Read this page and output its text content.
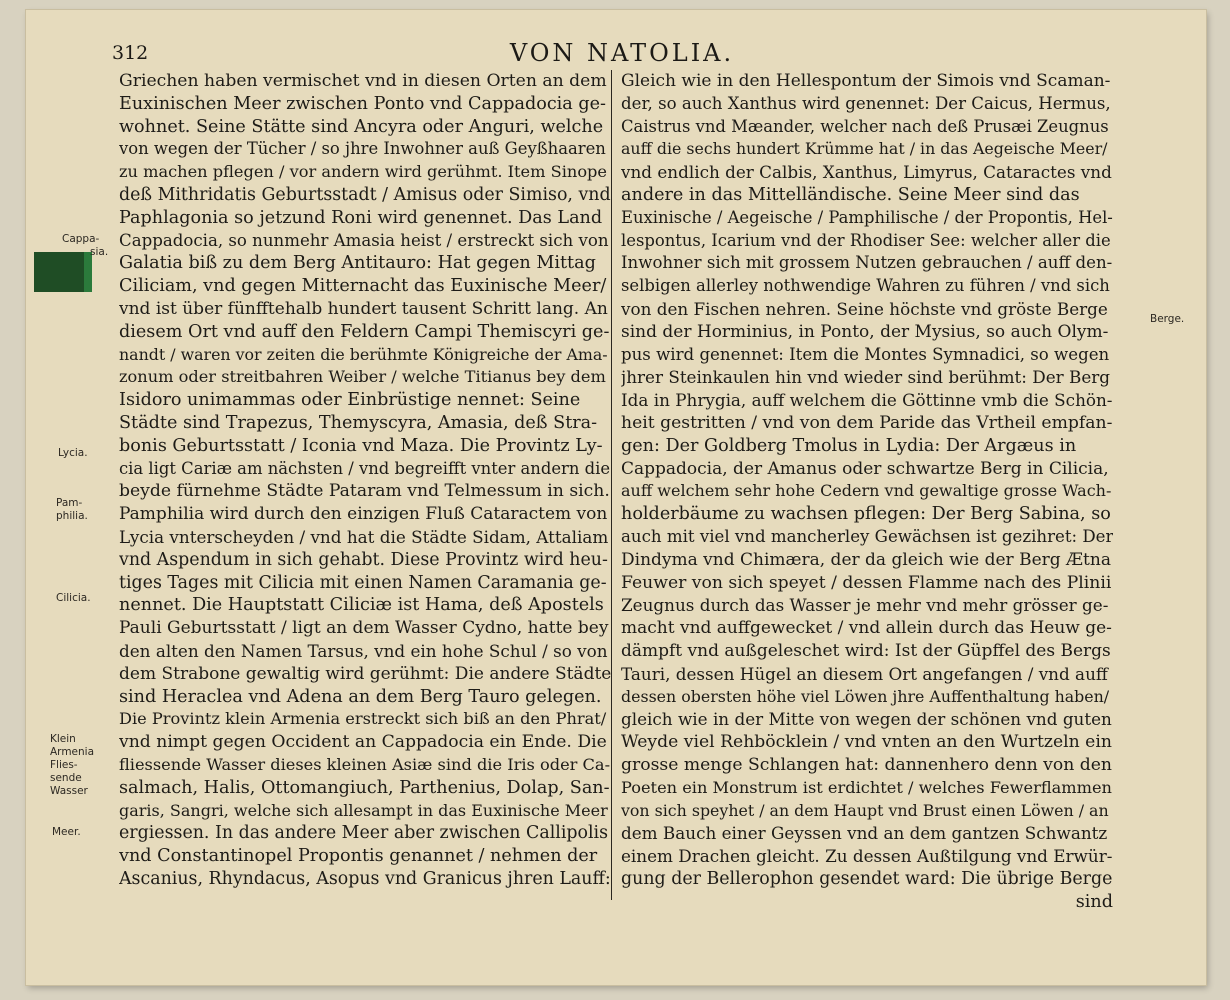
312	VON NATOLIA.
Griechen haben vermischet vnd in diesen Orten an dem
Euxinischen Meer zwischen Ponto vnd Cappadocia ge-
wohnet. Seine Stätte sind Ancyra oder Anguri, welche
von wegen der Tücher / so jhre Inwohner auß Geyßhaaren
zu machen pflegen / vor andern wird gerühmt. Item Sinope
deß Mithridatis Geburtsstadt / Amisus oder Simiso, vnd
Paphlagonia so jetzund Roni wird genennet. Das Land
Cappadocia, so nunmehr Amasia heist / erstreckt sich von
Galatia biß zu dem Berg Antitauro: Hat gegen Mittag
Ciliciam, vnd gegen Mitternacht das Euxinische Meer/
vnd ist über fünfftehalb hundert tausent Schritt lang. An
diesem Ort vnd auff den Feldern Campi Themiscyri ge-
nandt / waren vor zeiten die berühmte Königreiche der Ama-
zonum oder streitbahren Weiber / welche Titianus bey dem
Isidoro unimammas oder Einbrüstige nennet: Seine
Städte sind Trapezus, Themyscyra, Amasia, deß Stra-
bonis Geburtsstatt / Iconia vnd Maza. Die Provintz Ly-
cia ligt Cariæ am nächsten / vnd begreifft vnter andern die
beyde fürnehme Städte Pataram vnd Telmessum in sich.
Pamphilia wird durch den einzigen Fluß Cataractem von
Lycia vnterscheyden / vnd hat die Städte Sidam, Attaliam
vnd Aspendum in sich gehabt. Diese Provintz wird heu-
tiges Tages mit Cilicia mit einen Namen Caramania ge-
nennet. Die Hauptstatt Ciliciæ ist Hama, deß Apostels
Pauli Geburtsstatt / ligt an dem Wasser Cydno, hatte bey
den alten den Namen Tarsus, vnd ein hohe Schul / so von
dem Strabone gewaltig wird gerühmt: Die andere Städte
sind Heraclea vnd Adena an dem Berg Tauro gelegen.
Die Provintz klein Armenia erstreckt sich biß an den Phrat/
vnd nimpt gegen Occident an Cappadocia ein Ende. Die
fliessende Wasser dieses kleinen Asiæ sind die Iris oder Ca-
salmach, Halis, Ottomangiuch, Parthenius, Dolap, San-
garis, Sangri, welche sich allesampt in das Euxinische Meer
ergiessen. In das andere Meer aber zwischen Callipolis
vnd Constantinopel Propontis genannet / nehmen der
Ascanius, Rhyndacus, Asopus vnd Granicus jhren Lauff:
Gleich wie in den Hellespontum der Simois vnd Scaman-
der, so auch Xanthus wird genennet: Der Caicus, Hermus,
Caistrus vnd Mæander, welcher nach deß Prusæi Zeugnus
auff die sechs hundert Krümme hat / in das Aegeische Meer/
vnd endlich der Calbis, Xanthus, Limyrus, Cataractes vnd
andere in das Mittelländische. Seine Meer sind das
Euxinische / Aegeische / Pamphilische / der Propontis, Hel-
lespontus, Icarium vnd der Rhodiser See: welcher aller die
Inwohner sich mit grossem Nutzen gebrauchen / auff den-
selbigen allerley nothwendige Wahren zu führen / vnd sich
von den Fischen nehren. Seine höchste vnd gröste Berge
sind der Horminius, in Ponto, der Mysius, so auch Olym-
pus wird genennet: Item die Montes Symnadici, so wegen
jhrer Steinkaulen hin vnd wieder sind berühmt: Der Berg
Ida in Phrygia, auff welchem die Göttinne vmb die Schön-
heit gestritten / vnd von dem Paride das Vrtheil empfan-
gen: Der Goldberg Tmolus in Lydia: Der Argæus in
Cappadocia, der Amanus oder schwartze Berg in Cilicia,
auff welchem sehr hohe Cedern vnd gewaltige grosse Wach-
holderbäume zu wachsen pflegen: Der Berg Sabina, so
auch mit viel vnd mancherley Gewächsen ist gezihret: Der
Dindyma vnd Chimæra, der da gleich wie der Berg Ætna
Feuwer von sich speyet / dessen Flamme nach des Plinii
Zeugnus durch das Wasser je mehr vnd mehr grösser ge-
macht vnd auffgewecket / vnd allein durch das Heuw ge-
dämpft vnd außgeleschet wird: Ist der Güpffel des Bergs
Tauri, dessen Hügel an diesem Ort angefangen / vnd auff
dessen obersten höhe viel Löwen jhre Auffenthaltung haben/
gleich wie in der Mitte von wegen der schönen vnd guten
Weyde viel Rehböcklein / vnd vnten an den Wurtzeln ein
grosse menge Schlangen hat: dannenhero denn von den
Poeten ein Monstrum ist erdichtet / welches Fewerflammen
von sich speyhet / an dem Haupt vnd Brust einen Löwen / an
dem Bauch einer Geyssen vnd an dem gantzen Schwantz
einem Drachen gleicht. Zu dessen Außtilgung vnd Erwür-
gung der Bellerophon gesendet ward: Die übrige Berge
sind
Cappa-
sia.
Lycia.
Pam-
philia.
Cilicia.
Klein
Armenia
Flies-
sende
Wasser
Meer.
Berge.
